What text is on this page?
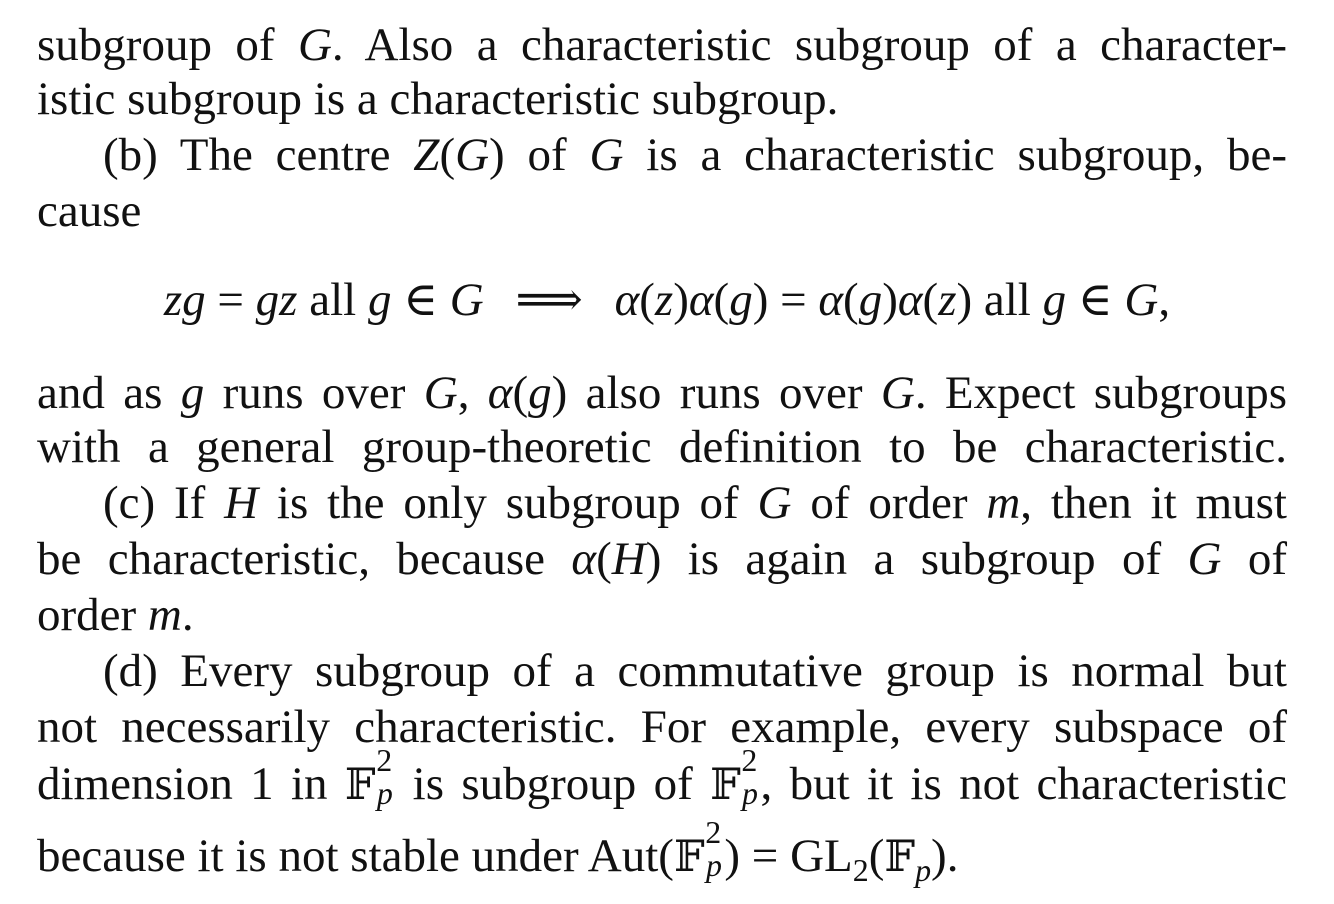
subgroup of G. Also a characteristic subgroup of a character-
istic subgroup is a characteristic subgroup.
(b) The centre Z(G) of G is a characteristic subgroup, be-
cause
zg = gz all g ∈ G ⟹ α(z)α(g) = α(g)α(z) all g ∈ G,
and as g runs over G, α(g) also runs over G. Expect subgroups
with a general group-theoretic definition to be characteristic.
(c) If H is the only subgroup of G of order m, then it must
be characteristic, because α(H) is again a subgroup of G of
order m.
(d) Every subgroup of a commutative group is normal but
not necessarily characteristic. For example, every subspace of
dimension 1 in 𝔽 2
p is subgroup of 𝔽 2
p , but it is not characteristic
because it is not stable under Aut(𝔽 2
p ) = $GL_2(𝔽_p)$.
